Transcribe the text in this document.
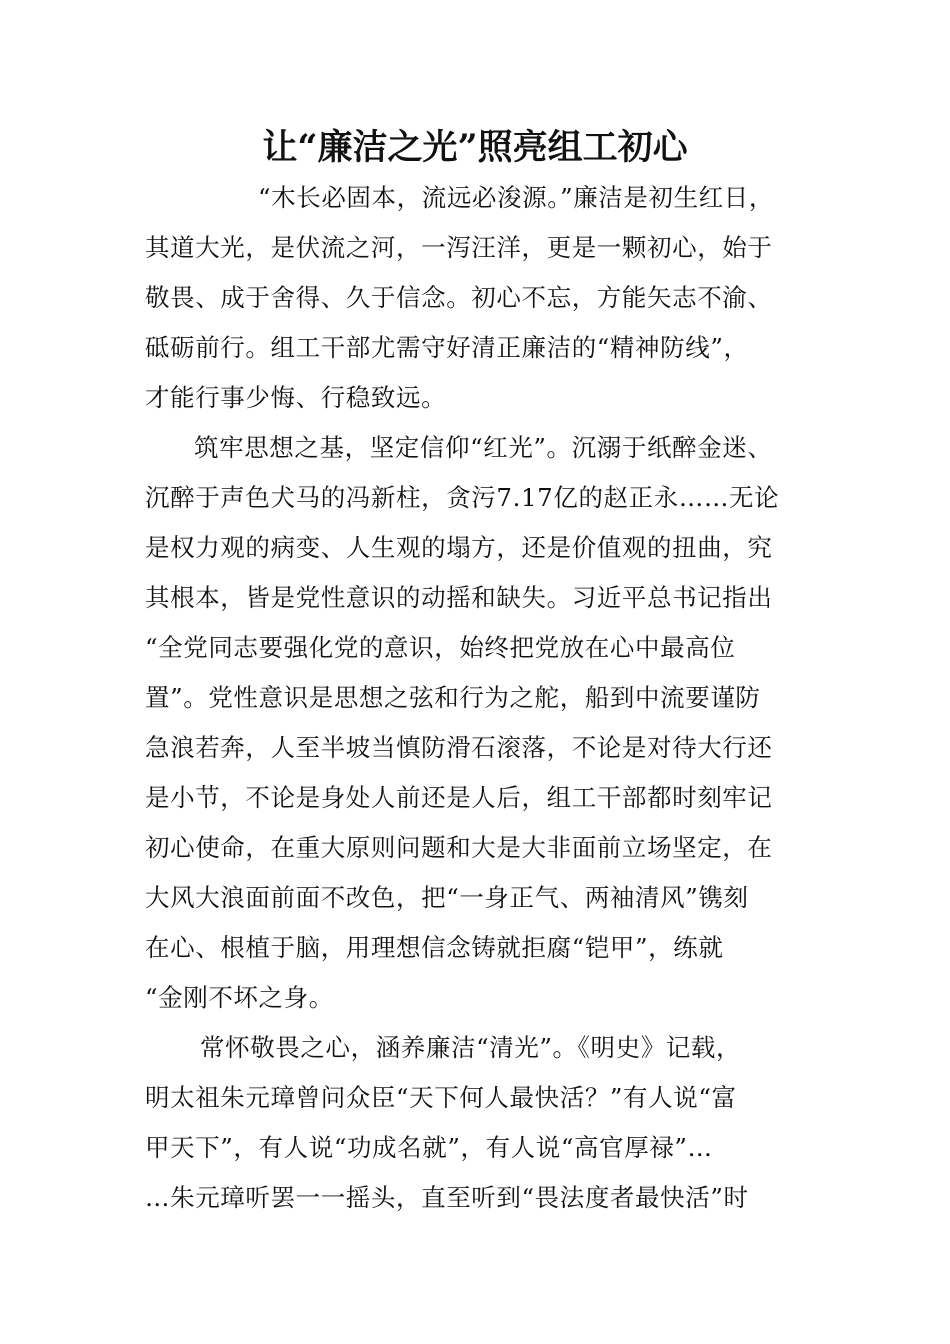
让“廉洁之光”照亮组工初心
“木长必固本，流远必浚源。”廉洁是初生红日，
其道大光，是伏流之河，一泻汪洋，更是一颗初心，始于
敬畏、成于舍得、久于信念。初心不忘，方能矢志不渝、
砥砺前行。组工干部尤需守好清正廉洁的“精神防线”，
才能行事少悔、行稳致远。
筑牢思想之基，坚定信仰“红光”。沉溺于纸醉金迷、
沉醉于声色犬马的冯新柱，贪污7.17亿的赵正永……无论
是权力观的病变、人生观的塌方，还是价值观的扭曲，究
其根本，皆是党性意识的动摇和缺失。习近平总书记指出
“全党同志要强化党的意识，始终把党放在心中最高位
置”。党性意识是思想之弦和行为之舵，船到中流要谨防
急浪若奔，人至半坡当慎防滑石滚落，不论是对待大行还
是小节，不论是身处人前还是人后，组工干部都时刻牢记
初心使命，在重大原则问题和大是大非面前立场坚定，在
大风大浪面前面不改色，把“一身正气、两袖清风”镌刻
在心、根植于脑，用理想信念铸就拒腐“铠甲”，练就
“金刚不坏之身。
常怀敬畏之心，涵养廉洁“清光”。《明史》记载，
明太祖朱元璋曾问众臣“天下何人最快活？”有人说“富
甲天下”，有人说“功成名就”，有人说“高官厚禄”…
…朱元璋听罢一一摇头，直至听到“畏法度者最快活”时
